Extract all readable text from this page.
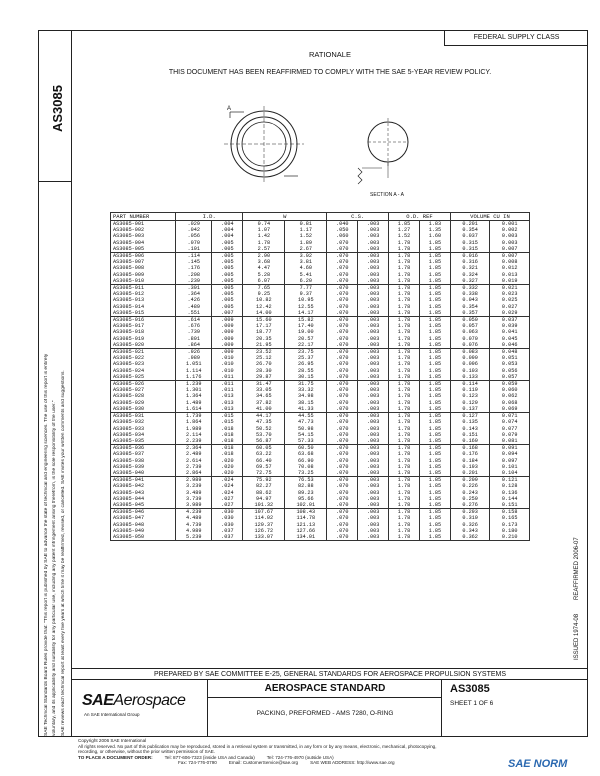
AS3085
SAE Technical Standards Board Rules provide that: "This report is published by SAE to advance the state of technical and engineering sciences. The use of this report is entirely voluntary, and its applicability and suitability for any particular use, including any patent infringement arising therefrom, is the sole responsibility of the user." SAE reviews each technical report at least every five years at which time it may be reaffirmed, revised, or cancelled. SAE invites your written comments and suggestions.	REAFFIRMED 2006-07
ISSUED 1974-08
FEDERAL SUPPLY CLASS
RATIONALE
THIS DOCUMENT HAS BEEN REAFFIRMED TO COMPLY WITH THE SAE 5-YEAR REVIEW POLICY.
A
SECTION A - A
PART NUMBER	I.D.		W		C.S.		O.D. REF		VOLUME CU IN	
AS3085-001	.029	.004	0.74	0.81	.040	.003	1.85	1.83	0.201	0.001
AS3085-002	.042	.004	1.07	1.17	.050	.003	1.27	1.35	0.354	0.002
AS3085-003	.056	.004	1.42	1.52	.060	.003	1.52	1.60	0.037	0.003
AS3085-004	.070	.005	1.78	1.89	.070	.003	1.78	1.85	0.315	0.003
AS3085-005	.101	.005	2.57	2.67	.070	.003	1.78	1.85	0.315	0.007
AS3085-006	.114	.005	2.90	3.02	.070	.003	1.78	1.85	0.016	0.007
AS3085-007	.145	.005	3.68	3.81	.070	.003	1.78	1.85	0.316	0.008
AS3085-008	.176	.005	4.47	4.60	.070	.003	1.78	1.85	0.321	0.012
AS3085-009	.208	.005	5.28	5.41	.070	.003	1.78	1.85	0.324	0.013
AS3085-010	.239	.005	6.07	6.20	.070	.003	1.78	1.85	0.327	0.019
AS3085-011	.301	.005	7.65	7.77	.070	.003	1.78	1.85	0.332	0.021
AS3085-012	.364	.005	9.25	9.37	.070	.003	1.78	1.85	0.338	0.023
AS3085-013	.426	.005	10.82	10.95	.070	.003	1.78	1.85	0.043	0.025
AS3085-014	.489	.005	12.42	12.55	.070	.003	1.78	1.85	0.354	0.027
AS3085-015	.551	.007	14.00	14.17	.070	.003	1.78	1.85	0.357	0.029
AS3085-016	.614	.009	15.60	15.82	.070	.003	1.78	1.85	0.050	0.037
AS3085-017	.676	.009	17.17	17.40	.070	.003	1.78	1.85	0.057	0.039
AS3085-018	.739	.009	18.77	19.00	.070	.003	1.78	1.85	0.063	0.041
AS3085-019	.801	.009	20.35	20.57	.070	.003	1.78	1.85	0.070	0.045
AS3085-020	.864	.009	21.95	22.17	.070	.003	1.78	1.85	0.076	0.046
AS3085-021	.926	.009	23.52	23.75	.070	.003	1.78	1.85	0.083	0.048
AS3085-022	.989	.010	25.12	25.37	.070	.003	1.78	1.85	0.090	0.051
AS3085-023	1.051	.010	26.70	26.95	.070	.003	1.78	1.85	0.096	0.053
AS3085-024	1.114	.010	28.30	28.55	.070	.003	1.78	1.85	0.103	0.056
AS3085-025	1.176	.011	29.87	30.15	.070	.003	1.78	1.85	0.133	0.057
AS3085-026	1.239	.011	31.47	31.75	.070	.003	1.78	1.85	0.114	0.059
AS3085-027	1.301	.011	33.05	33.32	.070	.003	1.78	1.85	0.119	0.060
AS3085-028	1.364	.013	34.65	34.98	.070	.003	1.78	1.85	0.123	0.062
AS3085-029	1.489	.013	37.82	38.15	.070	.003	1.78	1.85	0.129	0.068
AS3085-030	1.614	.013	41.00	41.33	.070	.003	1.78	1.85	0.137	0.069
AS3085-031	1.739	.015	44.17	44.55	.070	.003	1.78	1.85	0.127	0.071
AS3085-032	1.864	.015	47.35	47.73	.070	.003	1.78	1.85	0.135	0.074
AS3085-033	1.989	.018	50.52	50.98	.070	.003	1.78	1.85	0.143	0.077
AS3085-034	2.114	.018	53.70	54.15	.070	.003	1.78	1.85	0.151	0.079
AS3085-035	2.239	.018	56.87	57.33	.070	.003	1.78	1.85	0.160	0.081
AS3085-036	2.364	.018	60.05	60.50	.070	.003	1.78	1.85	0.168	0.091
AS3085-037	2.489	.018	63.22	63.68	.070	.003	1.78	1.85	0.176	0.094
AS3085-038	2.614	.020	66.40	66.90	.070	.003	1.78	1.85	0.184	0.097
AS3085-039	2.739	.020	69.57	70.08	.070	.003	1.78	1.85	0.193	0.101
AS3085-040	2.864	.020	72.75	73.25	.070	.003	1.78	1.85	0.201	0.104
AS3085-041	2.989	.024	75.92	76.53	.070	.003	1.78	1.85	0.209	0.121
AS3085-042	3.239	.024	82.27	82.88	.070	.003	1.78	1.85	0.226	0.128
AS3085-043	3.489	.024	88.62	89.23	.070	.003	1.78	1.85	0.243	0.136
AS3085-044	3.739	.027	94.97	95.66	.070	.003	1.78	1.85	0.259	0.144
AS3085-045	3.989	.027	101.32	102.01	.070	.003	1.78	1.85	0.276	0.151
AS3085-046	4.239	.030	107.67	108.43	.070	.003	1.78	1.85	0.293	0.158
AS3085-047	4.489	.030	114.02	114.78	.070	.003	1.78	1.85	0.310	0.165
AS3085-048	4.739	.030	120.37	121.13	.070	.003	1.78	1.85	0.326	0.173
AS3085-049	4.989	.037	126.72	127.66	.070	.003	1.78	1.85	0.343	0.180
AS3085-050	5.239	.037	133.07	134.01	.070	.003	1.78	1.85	0.362	0.210
PREPARED BY SAE COMMITTEE E-25, GENERAL STANDARDS FOR AEROSPACE PROPULSION SYSTEMS
SAEAerospace
An SAE International Group
AEROSPACE STANDARD
PACKING, PREFORMED - AMS 7280, O-RING
AS3085
SHEET 1 OF 6
Copyright 2006 SAE International
All rights reserved. No part of this publication may be reproduced, stored in a retrieval system or transmitted, in any form or by any means, electronic, mechanical, photocopying,
recording, or otherwise, without the prior written permission of SAE.
TO PLACE A DOCUMENT ORDER:	Tel: 877-606-7323 (inside USA and Canada)	Tel: 724-776-4970 (outside USA)
Fax: 724-776-0790	Email: CustomerService@sae.org	SAE WEB ADDRESS: http://www.sae.org	SAE NORM
